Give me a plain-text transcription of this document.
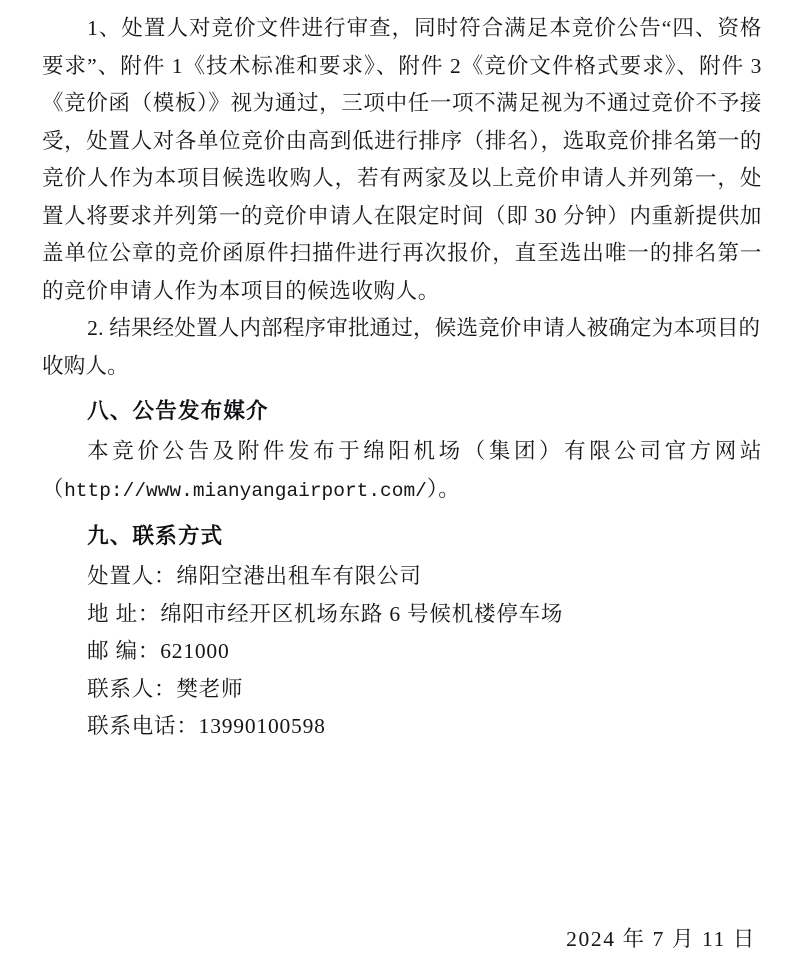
1、处置人对竞价文件进行审查，同时符合满足本竞价公告“四、资格要求”、附件 1《技术标准和要求》、附件 2《竞价文件格式要求》、附件 3《竞价函（模板）》视为通过，三项中任一项不满足视为不通过竞价不予接受，处置人对各单位竞价由高到低进行排序（排名），选取竞价排名第一的竞价人作为本项目候选收购人，若有两家及以上竞价申请人并列第一，处置人将要求并列第一的竞价申请人在限定时间（即 30 分钟）内重新提供加盖单位公章的竞价函原件扫描件进行再次报价，直至选出唯一的排名第一的竞价申请人作为本项目的候选收购人。

2. 结果经处置人内部程序审批通过，候选竞价申请人被确定为本项目的收购人。

八、公告发布媒介

本竞价公告及附件发布于绵阳机场（集团）有限公司官方网站（http://www.mianyangairport.com/）。

九、联系方式

处置人：绵阳空港出租车有限公司

地 址：绵阳市经开区机场东路 6 号候机楼停车场

邮 编：621000

联系人：樊老师

联系电话：13990100598

2024 年 7 月 11 日
